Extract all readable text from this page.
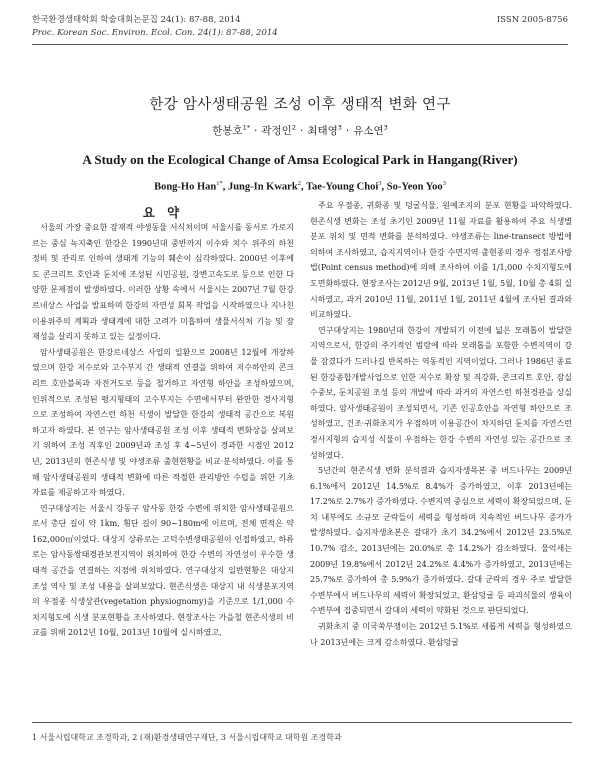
한국환경생태학회 학술대회논문집 24(1): 87-88, 2014	ISSN 2005-8756
Proc. Korean Soc. Environ. Ecol. Con. 24(1): 87-88, 2014
한강 암사생태공원 조성 이후 생태적 변화 연구
한봉호$^{1*}$ · 곽정인$^2$ · 최태영$^3$ · 유소연$^3$
A Study on the Ecological Change of Amsa Ecological Park in Hangang(River)
Bong-Ho Han$^{1*}$, Jung-In Kwark$^2$, Tae-Young Choi$^3$, So-Yeon Yoo$^3$
요 약

서울의 가장 중요한 잠재적 야생동물 서식처이며 서울시를 동서로 가로지르는 중심 녹지축인 한강은 1990년대 중반까지 이수와 치수 위주의 하천 정비 및 관리로 인하여 생태계 기능의 훼손이 심각하였다. 2000년 이후에도 콘크리트 호안과 둔치에 조성된 시민공원, 강변고속도로 등으로 인한 다양한 문제점이 발생하였다. 이러한 상황 속에서 서울시는 2007년 7월 한강 르네상스 사업을 발표하며 한강의 자연성 회복 작업을 시작하였으나 지나친 이용위주의 계획과 생태계에 대한 고려가 미흡하여 생물서식처 기능 및 잠재성을 살리지 못하고 있는 실정이다.

암사생태공원은 한강르네상스 사업의 일환으로 2008년 12월에 개장하였으며 한강 저수로와 고수부지 간 생태적 연결을 위하여 저수하안의 콘크리트 호안블록과 자전거도로 등을 철거하고 자연형 하안을 조성하였으며, 인위적으로 조성된 평지형태의 고수부지는 수면에서부터 완만한 경사지형으로 조성하여 자연스런 하천 식생이 발달한 한강의 생태적 공간으로 복원하고자 하였다. 본 연구는 암사생태공원 조성 이후 생태적 변화상을 살펴보기 위하여 조성 직후인 2009년과 조성 후 4~5년이 경과한 시점인 2012년, 2013년의 현존식생 및 야생조류 출현현황을 비교·분석하였다. 이를 통해 암사생태공원의 생태적 변화에 따른 적절한 관리방안 수립을 위한 기초자료를 제공하고자 하였다.

연구대상지는 서울시 강동구 암사동 한강 수변에 위치한 암사생태공원으로서 총단 길이 약 1km, 횡단 길이 90~180m에 이르며, 전체 면적은 약 162,000㎡이었다. 대상지 상류로는 고덕수변생태공원이 인접하였고, 하류로는 암사동쌍태경관보전지역이 위치하여 한강 수변의 자연성이 우수한 생태적 공간을 연결하는 지점에 위치하였다. 연구대상지 일반현황은 대상지 조성 역사 및 조성 내용을 살펴보았다. 현존식생은 대상지 내 식생분포지역의 우점종 식생상관(vegetation physiognomy)을 기준으로 1/1,000 수치지형도에 식생 분포현황을 조사하였다. 현장조사는 가을철 현존식생의 비교를 위해 2012년 10월, 2013년 10월에 실시하였고,

주요 우점종, 귀화종 및 덩굴식물, 원예조지의 분포 현황을 파악하였다. 현존식생 변화는 조성 초기인 2009년 11월 자료를 활용하여 주요 식생별 분포 위치 및 면적 변화를 분석하였다. 야생조류는 line-transect 방법에 의하여 조사하였고, 습지지역이나 한강 수면지역 출현종의 경우 정점조사방법(Point census method)에 의해 조사하여 이를 1/1,000 수치지형도에 도면화하였다. 현장조사는 2012년 9월, 2013년 1월, 5월, 10월 총 4회 실시하였고, 과거 2010년 11월, 2011년 1월, 2011년 4월에 조사된 결과와 비교하였다.

연구대상지는 1980년대 한강이 개발되기 이전에 넓은 모래톱이 발달한 지역으로서, 한강의 주기적인 범람에 따라 모래톱을 포함한 수변지역이 강물 잠겼다가 드러나길 반복하는 역동적인 지역이었다. 그러나 1986년 종료된 한강종합개발사업으로 인한 저수로 확장 및 직강화, 콘크리트 호안, 잠실 수중보, 둔치공원 조성 등의 개발에 따라 과거의 자연스런 하천경관을 상실하였다. 암사생태공원이 조성되면서, 기존 인공호안을 자연형 하안으로 조성하였고, 건조·귀화초지가 우점하며 이용공간이 차지하던 둔치를 자연스런 경사지형의 습지성 식물이 우점하는 한강 수변의 자연성 있는 공간으로 조성하였다.

5년간의 현존식생 변화 분석결과 습지자생목본 중 버드나무는 2009년 6.1%에서 2012년 14.5%로 8.4%가 증가하였고, 이후 2013년에는 17.2%로 2.7%가 증가하였다. 수변지역 중심으로 세력이 확장되었으며, 둔치 내부에도 소규모 군락들이 세력을 형성하며 지속적인 버드나무 증가가 발생하였다. 습지자생초본은 갈대가 초기 34.2%에서 2012년 23.5%로 10.7% 감소, 2013년에는 20.0%로 총 14.2%가 감소하였다. 물억새는 2009년 19.8%에서 2012년 24.2%로 4.4%가 증가하였고, 2013년에는 25.7%로 증가하여 총 5.9%가 증가하였다. 갈대 군락의 경우 주로 발달한 수변부에서 버드나무의 세력이 확장되었고, 환삼덩굴 등 파괴식물의 생육이 수변부에 집중되면서 갈대의 세력이 약화된 것으로 판단되었다.

귀화초지 중 미국쑥부쟁이는 2012년 5.1%로 새롭게 세력을 형성하였으나 2013년에는 크게 감소하였다. 환삼덩굴

1 서울시립대학교 조경학과, 2 (재)환경생태연구재단, 3 서울시립대학교 대학원 조경학과
